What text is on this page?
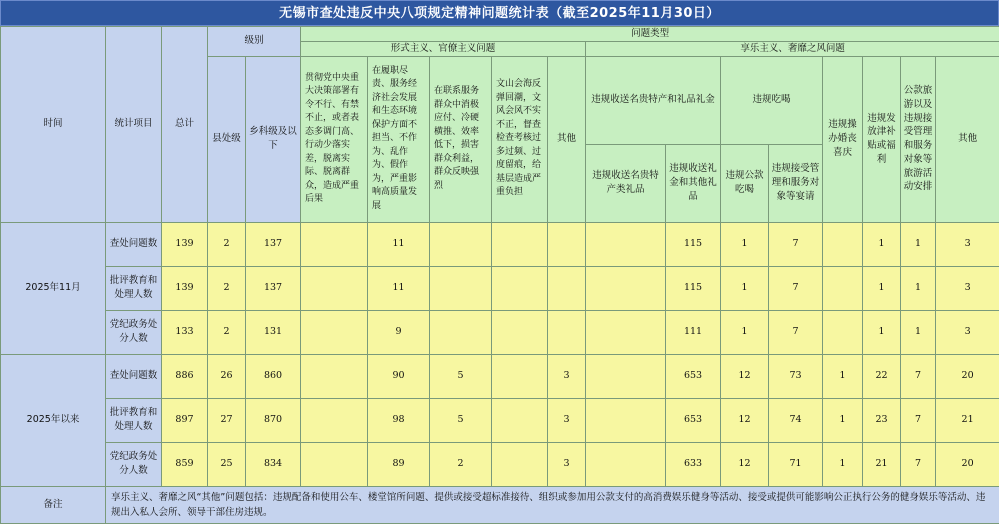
无锡市查处违反中央八项规定精神问题统计表（截至2025年11月30日）
时间	统计项目	总计	级别		问题类型												
					形式主义、官僚主义问题					享乐主义、奢靡之风问题							
			县处级	乡科级及以下	贯彻党中央重大决策部署有令不行、有禁不止，或者表态多调门高、行动少落实差，脱离实际、脱离群众，造成严重后果	在履职尽责、服务经济社会发展和生态环境保护方面不担当、不作为、乱作为、假作为，严重影响高质量发展	在联系服务群众中消极应付、冷硬横推、效率低下，损害群众利益，群众反映强烈	文山会海反弹回潮，文风会风不实不正，督查检查考核过多过频、过度留痕，给基层造成严重负担	其他	违规收送名贵特产和礼品礼金		违规吃喝		违规操办婚丧喜庆	违规发放津补贴或福利	公款旅游以及违规接受管理和服务对象等旅游活动安排	其他
										违规收送名贵特产类礼品	违规收送礼金和其他礼品	违规公款吃喝	违规接受管理和服务对象等宴请				
2025年11月	查处问题数	139	2	137		11					115	1	7		1	1	3
	批评教育和处理人数	139	2	137		11					115	1	7		1	1	3
	党纪政务处分人数	133	2	131		9					111	1	7		1	1	3
2025年以来	查处问题数	886	26	860		90	5		3		653	12	73	1	22	7	20
	批评教育和处理人数	897	27	870		98	5		3		653	12	74	1	23	7	21
	党纪政务处分人数	859	25	834		89	2		3		633	12	71	1	21	7	20
备注	享乐主义、奢靡之风“其他”问题包括：违规配备和使用公车、楼堂馆所问题、提供或接受超标准接待、组织或参加用公款支付的高消费娱乐健身等活动、接受或提供可能影响公正执行公务的健身娱乐等活动、违规出入私人会所、领导干部住房违规。																
